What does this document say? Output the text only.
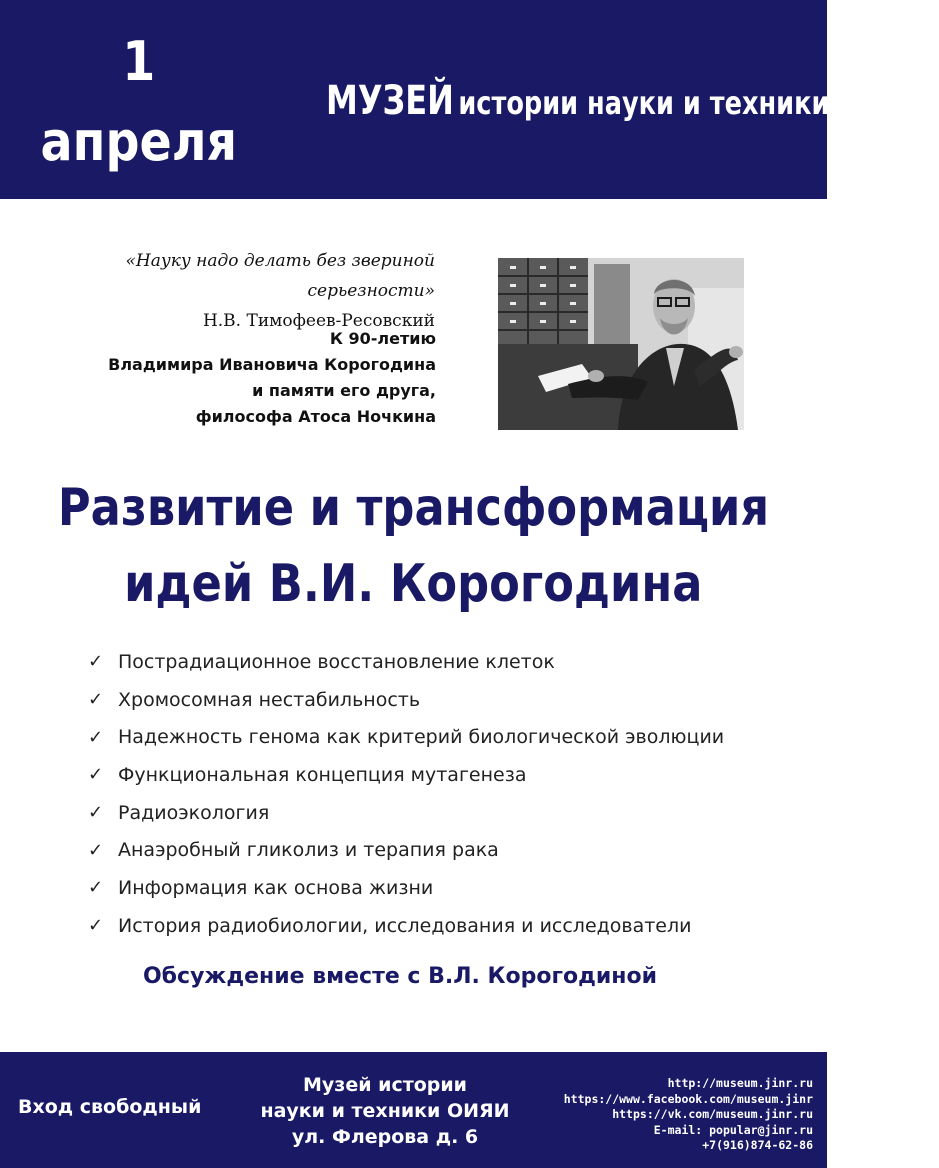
1 апреля
16:30
МУЗЕЙ истории науки и техники ОИЯИ
«Науку надо делать без звериной серьезности»
Н.В. Тимофеев-Ресовский
К 90-летию
Владимира Ивановича Корогодина
и памяти его друга,
философа Атоса Ночкина
Развитие и трансформация
идей В.И. Корогодина
✓ Пострадиационное восстановление клеток
✓ Хромосомная нестабильность
✓ Надежность генома как критерий биологической эволюции
✓ Функциональная концепция мутагенеза
✓ Радиоэкология
✓ Анаэробный гликолиз и терапия рака
✓ Информация как основа жизни
✓ История радиобиологии, исследования и исследователи
Обсуждение вместе с В.Л. Корогодиной
Вход свободный
Музей истории
науки и техники ОИЯИ
ул. Флерова д. 6
http://museum.jinr.ru
https://www.facebook.com/museum.jinr
https://vk.com/museum.jinr.ru
E-mail: popular@jinr.ru
+7(916)874-62-86
